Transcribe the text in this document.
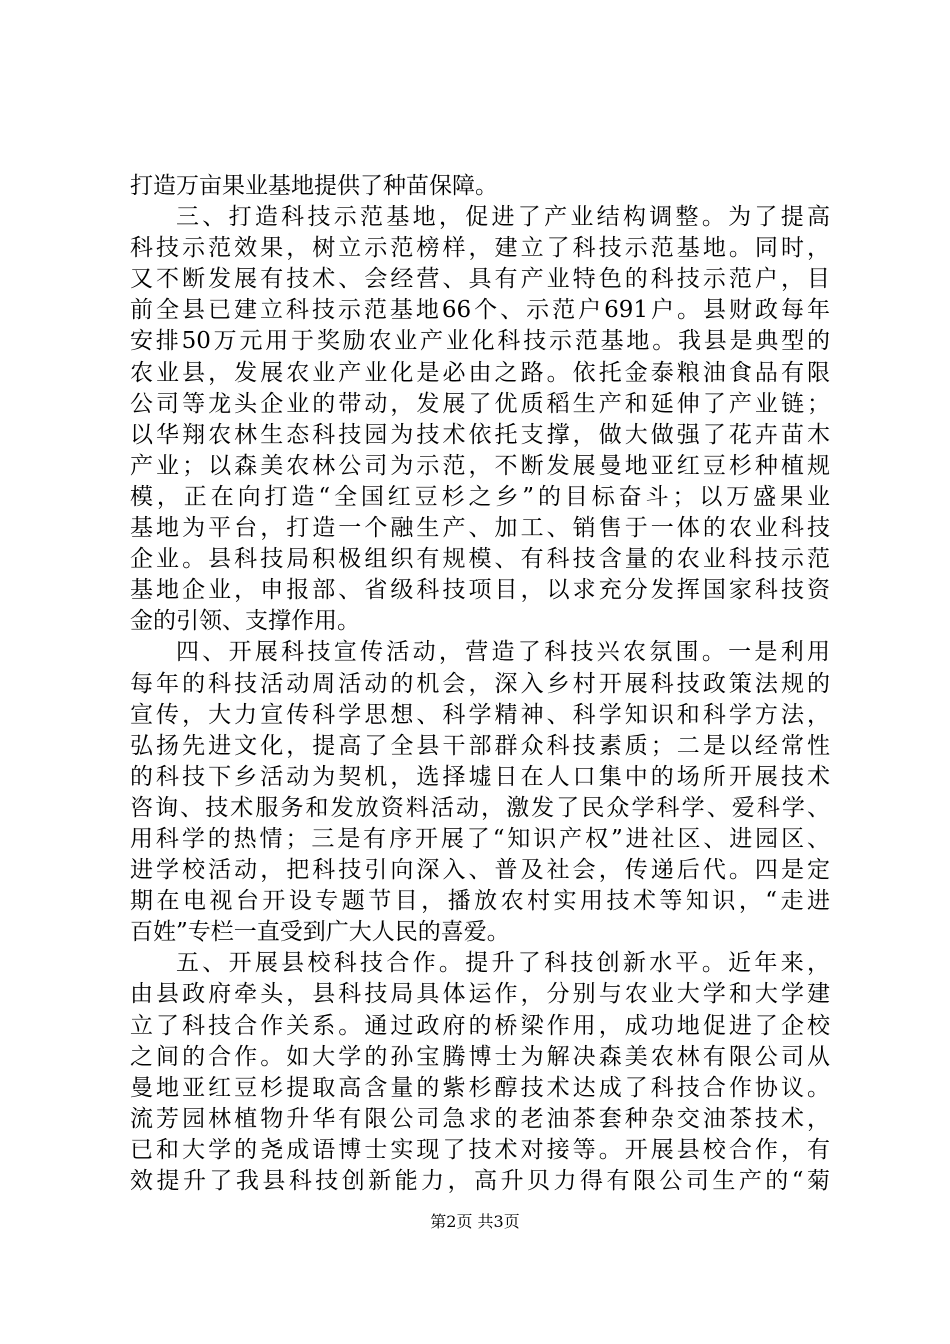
打造万亩果业基地提供了种苗保障。
三、打造科技示范基地，促进了产业结构调整。为了提高
科技示范效果，树立示范榜样，建立了科技示范基地。同时，
又不断发展有技术、会经营、具有产业特色的科技示范户，目
前全县已建立科技示范基地66个、示范户691户。县财政每年
安排50万元用于奖励农业产业化科技示范基地。我县是典型的
农业县，发展农业产业化是必由之路。依托金泰粮油食品有限
公司等龙头企业的带动，发展了优质稻生产和延伸了产业链；
以华翔农林生态科技园为技术依托支撑，做大做强了花卉苗木
产业；以森美农林公司为示范，不断发展曼地亚红豆杉种植规
模，正在向打造“全国红豆杉之乡”的目标奋斗；以万盛果业
基地为平台，打造一个融生产、加工、销售于一体的农业科技
企业。县科技局积极组织有规模、有科技含量的农业科技示范
基地企业，申报部、省级科技项目，以求充分发挥国家科技资
金的引领、支撑作用。
四、开展科技宣传活动，营造了科技兴农氛围。一是利用
每年的科技活动周活动的机会，深入乡村开展科技政策法规的
宣传，大力宣传科学思想、科学精神、科学知识和科学方法，
弘扬先进文化，提高了全县干部群众科技素质；二是以经常性
的科技下乡活动为契机，选择墟日在人口集中的场所开展技术
咨询、技术服务和发放资料活动，激发了民众学科学、爱科学、
用科学的热情；三是有序开展了“知识产权”进社区、进园区、
进学校活动，把科技引向深入、普及社会，传递后代。四是定
期在电视台开设专题节目，播放农村实用技术等知识，“走进
百姓”专栏一直受到广大人民的喜爱。
五、开展县校科技合作。提升了科技创新水平。近年来，
由县政府牵头，县科技局具体运作，分别与农业大学和大学建
立了科技合作关系。通过政府的桥梁作用，成功地促进了企校
之间的合作。如大学的孙宝腾博士为解决森美农林有限公司从
曼地亚红豆杉提取高含量的紫杉醇技术达成了科技合作协议。
流芳园林植物升华有限公司急求的老油茶套种杂交油茶技术，
已和大学的尧成语博士实现了技术对接等。开展县校合作，有
效提升了我县科技创新能力，高升贝力得有限公司生产的“菊
第2页 共3页
